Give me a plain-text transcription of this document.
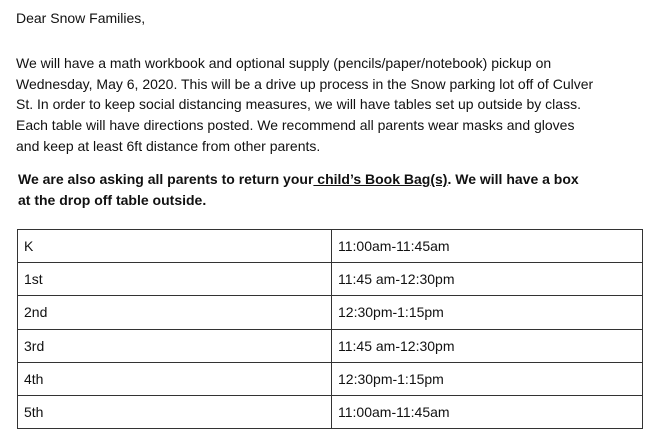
Dear Snow Families,
We will have a math workbook and optional supply (pencils/paper/notebook) pickup on
Wednesday, May 6, 2020. This will be a drive up process in the Snow parking lot off of Culver
St. In order to keep social distancing measures, we will have tables set up outside by class.
Each table will have directions posted. We recommend all parents wear masks and gloves
and keep at least 6ft distance from other parents.
We are also asking all parents to return your child’s Book Bag(s). We will have a box
at the drop off table outside.
K	11:00am-11:45am
1st	11:45 am-12:30pm
2nd	12:30pm-1:15pm
3rd	11:45 am-12:30pm
4th	12:30pm-1:15pm
5th	11:00am-11:45am
